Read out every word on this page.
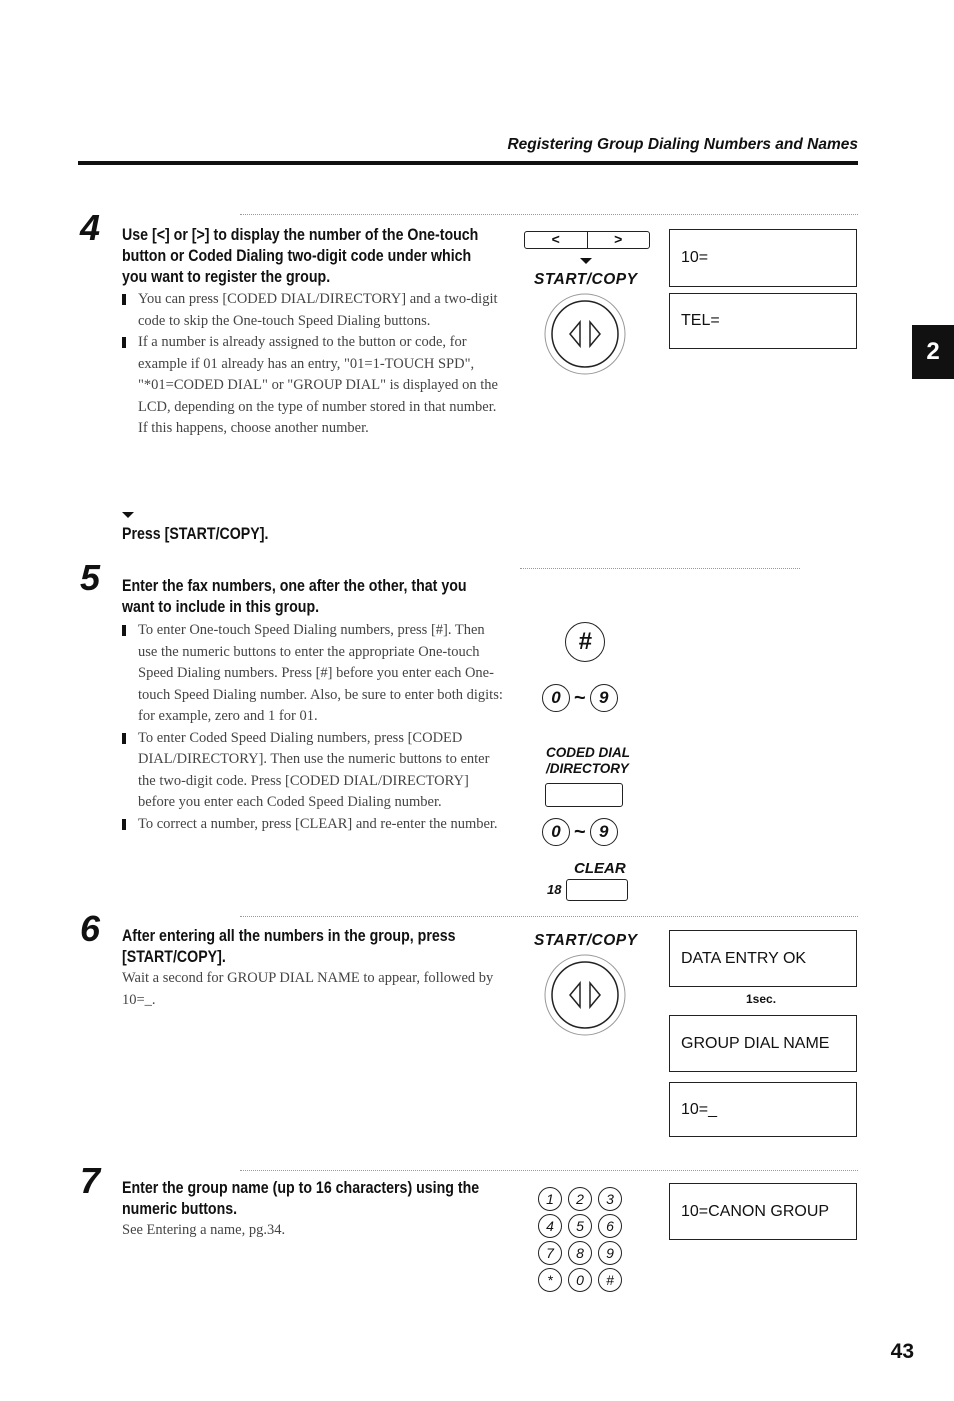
Registering Group Dialing Numbers and Names
2
43
4 Use [<] or [>] to display the number of the One-touch button or Coded Dialing two-digit code under which you want to register the group.
You can press [CODED DIAL/DIRECTORY] and a two-digit code to skip the One-touch Speed Dialing buttons.
If a number is already assigned to the button or code, for example if 01 already has an entry, "01=1-TOUCH SPD", "*01=CODED DIAL" or "GROUP DIAL" is displayed on the LCD, depending on the type of number stored in that number. If this happens, choose another number.
Press [START/COPY].
<	>
START/COPY
10=
TEL=
5 Enter the fax numbers, one after the other, that you want to include in this group.
To enter One-touch Speed Dialing numbers, press [#]. Then use the numeric buttons to enter the appropriate One-touch Speed Dialing numbers. Press [#] before you enter each One-touch Speed Dialing number. Also, be sure to enter both digits: for example, zero and 1 for 01.
To enter Coded Speed Dialing numbers, press [CODED DIAL/DIRECTORY]. Then use the numeric buttons to enter the two-digit code. Press [CODED DIAL/DIRECTORY] before you enter each Coded Speed Dialing number.
To correct a number, press [CLEAR] and re-enter the number.
#
0 ~ 9
CODED DIAL
/DIRECTORY
0 ~ 9
CLEAR
18
6 After entering all the numbers in the group, press [START/COPY].
Wait a second for GROUP DIAL NAME to appear, followed by 10=_.
START/COPY
DATA ENTRY OK
1sec.
GROUP DIAL NAME
10=_
7 Enter the group name (up to 16 characters) using the numeric buttons.
See Entering a name, pg.34.
1	2	3
4	5	6
7	8	9
*	0	#
10=CANON GROUP
